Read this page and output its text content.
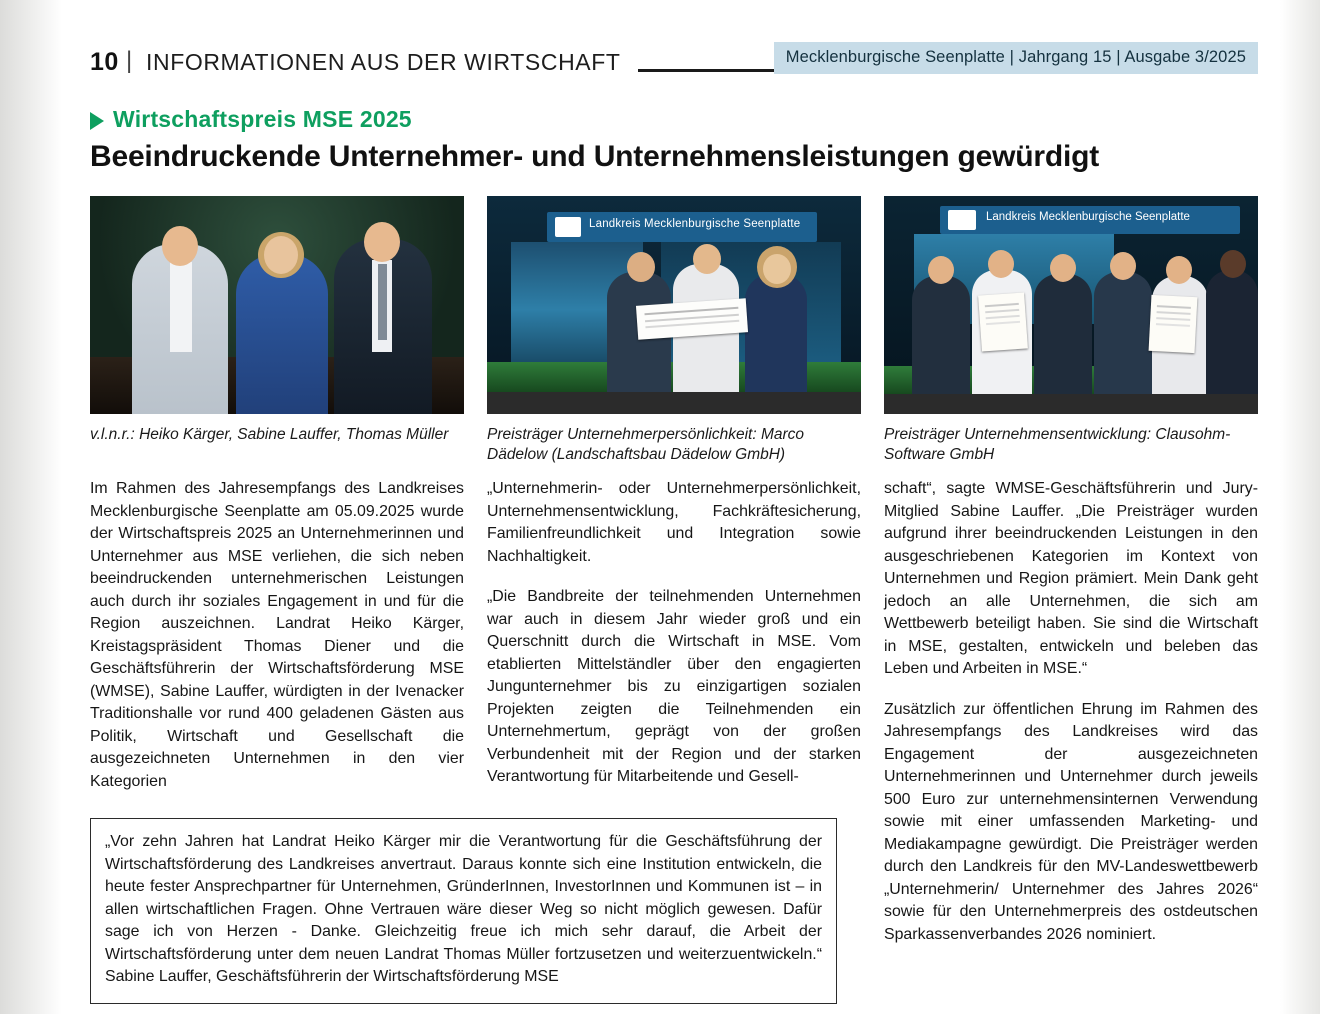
10 | INFORMATIONEN AUS DER WIRTSCHAFT	Mecklenburgische Seenplatte | Jahrgang 15 | Ausgabe 3/2025
Wirtschaftspreis MSE 2025
Beeindruckende Unternehmer- und Unternehmensleistungen gewürdigt
v.l.n.r.: Heiko Kärger, Sabine Lauffer, Thomas Müller
Landkreis Mecklenburgische Seenplatte
Preisträger Unternehmerpersönlichkeit: Marco Dädelow (Landschaftsbau Dädelow GmbH)
Landkreis Mecklenburgische Seenplatte
Preisträger Unternehmensentwicklung: Clausohm-Software GmbH

Im Rahmen des Jahresempfangs des Landkreises Mecklenburgische Seenplatte am 05.09.2025 wurde der Wirtschaftspreis 2025 an Unternehmerinnen und Unternehmer aus MSE verliehen, die sich neben beeindruckenden unternehmerischen Leistungen auch durch ihr soziales Engagement in und für die Region auszeichnen. Landrat Heiko Kärger, Kreistagspräsident Thomas Diener und die Geschäftsführerin der Wirtschaftsförderung MSE (WMSE), Sabine Lauffer, würdigten in der Ivenacker Traditionshalle vor rund 400 geladenen Gästen aus Politik, Wirtschaft und Gesellschaft die ausgezeichneten Unternehmen in den vier Kategorien

„Unternehmerin- oder Unternehmerpersönlichkeit, Unternehmensentwicklung, Fachkräftesicherung, Familienfreundlichkeit und Integration sowie Nachhaltigkeit.

„Die Bandbreite der teilnehmenden Unternehmen war auch in diesem Jahr wieder groß und ein Querschnitt durch die Wirtschaft in MSE. Vom etablierten Mittelständler über den engagierten Jungunternehmer bis zu einzigartigen sozialen Projekten zeigten die Teilnehmenden ein Unternehmertum, geprägt von der großen Verbundenheit mit der Region und der starken Verantwortung für Mitarbeitende und Gesell-

schaft“, sagte WMSE-Geschäftsführerin und Jury-Mitglied Sabine Lauffer. „Die Preisträger wurden aufgrund ihrer beeindruckenden Leistungen in den ausgeschriebenen Kategorien im Kontext von Unternehmen und Region prämiert. Mein Dank geht jedoch an alle Unternehmen, die sich am Wettbewerb beteiligt haben. Sie sind die Wirtschaft in MSE, gestalten, entwickeln und beleben das Leben und Arbeiten in MSE.“

Zusätzlich zur öffentlichen Ehrung im Rahmen des Jahresempfangs des Landkreises wird das Engagement der ausgezeichneten Unternehmerinnen und Unternehmer durch jeweils 500 Euro zur unternehmensinternen Verwendung sowie mit einer umfassenden Marketing- und Mediakampagne gewürdigt. Die Preisträger werden durch den Landkreis für den MV-Landeswettbewerb „Unternehmerin/ Unternehmer des Jahres 2026“ sowie für den Unternehmerpreis des ostdeutschen Sparkassenverbandes 2026 nominiert.

„Vor zehn Jahren hat Landrat Heiko Kärger mir die Verantwortung für die Geschäftsführung der Wirtschaftsförderung des Landkreises anvertraut. Daraus konnte sich eine Institution entwickeln, die heute fester Ansprechpartner für Unternehmen, GründerInnen, InvestorInnen und Kommunen ist – in allen wirtschaftlichen Fragen. Ohne Vertrauen wäre dieser Weg so nicht möglich gewesen. Dafür sage ich von Herzen - Danke. Gleichzeitig freue ich mich sehr darauf, die Arbeit der Wirtschaftsförderung unter dem neuen Landrat Thomas Müller fortzusetzen und weiterzuentwickeln.“ Sabine Lauffer, Geschäftsführerin der Wirtschaftsförderung MSE
